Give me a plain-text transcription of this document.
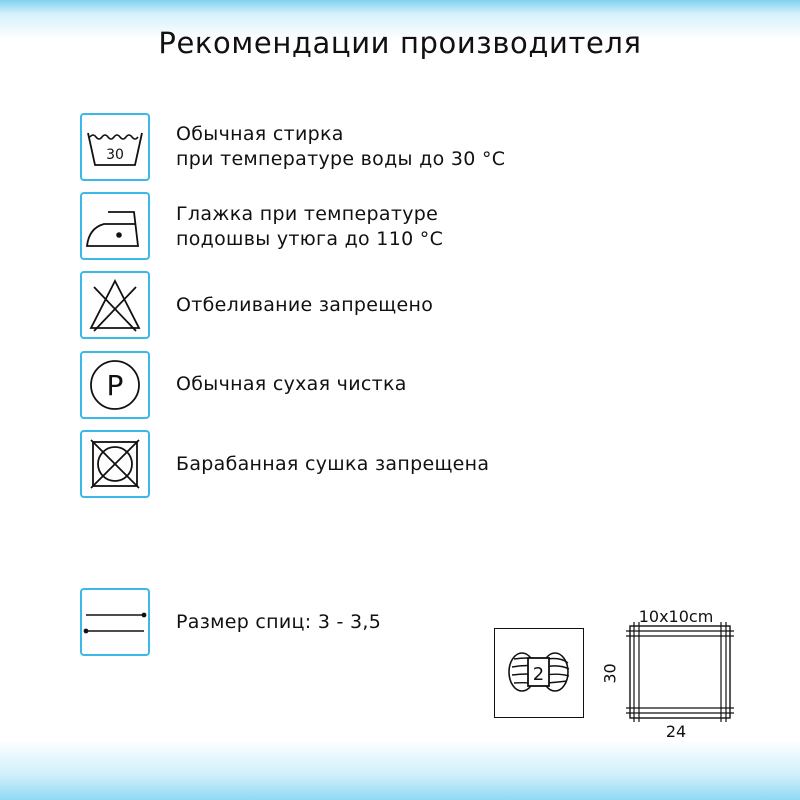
Рекомендации производителя
30
Обычная стирка
при температуре воды до 30 °C
Глажка при температуре
подошвы утюга до 110 °C
Отбеливание запрещено
P	Обычная сухая чистка
Барабанная сушка запрещена
Размер спиц: 3 - 3,5
2
10x10cm
30
24
